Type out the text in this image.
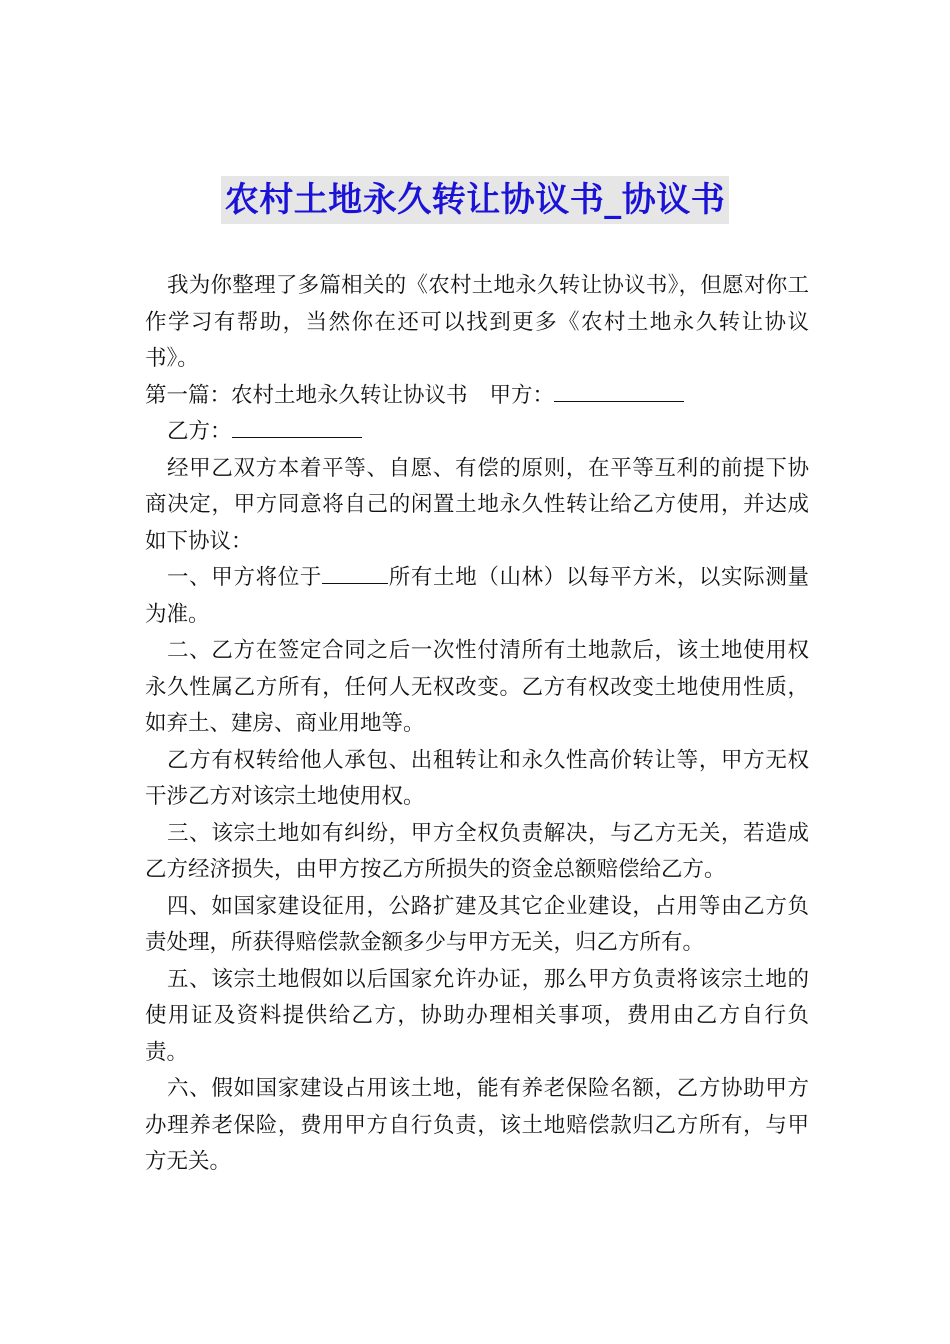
农村土地永久转让协议书_协议书

我为你整理了多篇相关的《农村土地永久转让协议书》，但愿对你工作学习有帮助，当然你在还可以找到更多《农村土地永久转让协议书》。

第一篇：农村土地永久转让协议书 甲方：

乙方：

经甲乙双方本着平等、自愿、有偿的原则，在平等互利的前提下协商决定，甲方同意将自己的闲置土地永久性转让给乙方使用，并达成如下协议：

一、甲方将位于	所有土地（山林）以每平方米，以实际测量为准。

二、乙方在签定合同之后一次性付清所有土地款后，该土地使用权永久性属乙方所有，任何人无权改变。乙方有权改变土地使用性质，如弃土、建房、商业用地等。

乙方有权转给他人承包、出租转让和永久性高价转让等，甲方无权干涉乙方对该宗土地使用权。

三、该宗土地如有纠纷，甲方全权负责解决，与乙方无关，若造成乙方经济损失，由甲方按乙方所损失的资金总额赔偿给乙方。

四、如国家建设征用，公路扩建及其它企业建设，占用等由乙方负责处理，所获得赔偿款金额多少与甲方无关，归乙方所有。

五、该宗土地假如以后国家允许办证，那么甲方负责将该宗土地的使用证及资料提供给乙方，协助办理相关事项，费用由乙方自行负责。

六、假如国家建设占用该土地，能有养老保险名额，乙方协助甲方办理养老保险，费用甲方自行负责，该土地赔偿款归乙方所有，与甲方无关。
